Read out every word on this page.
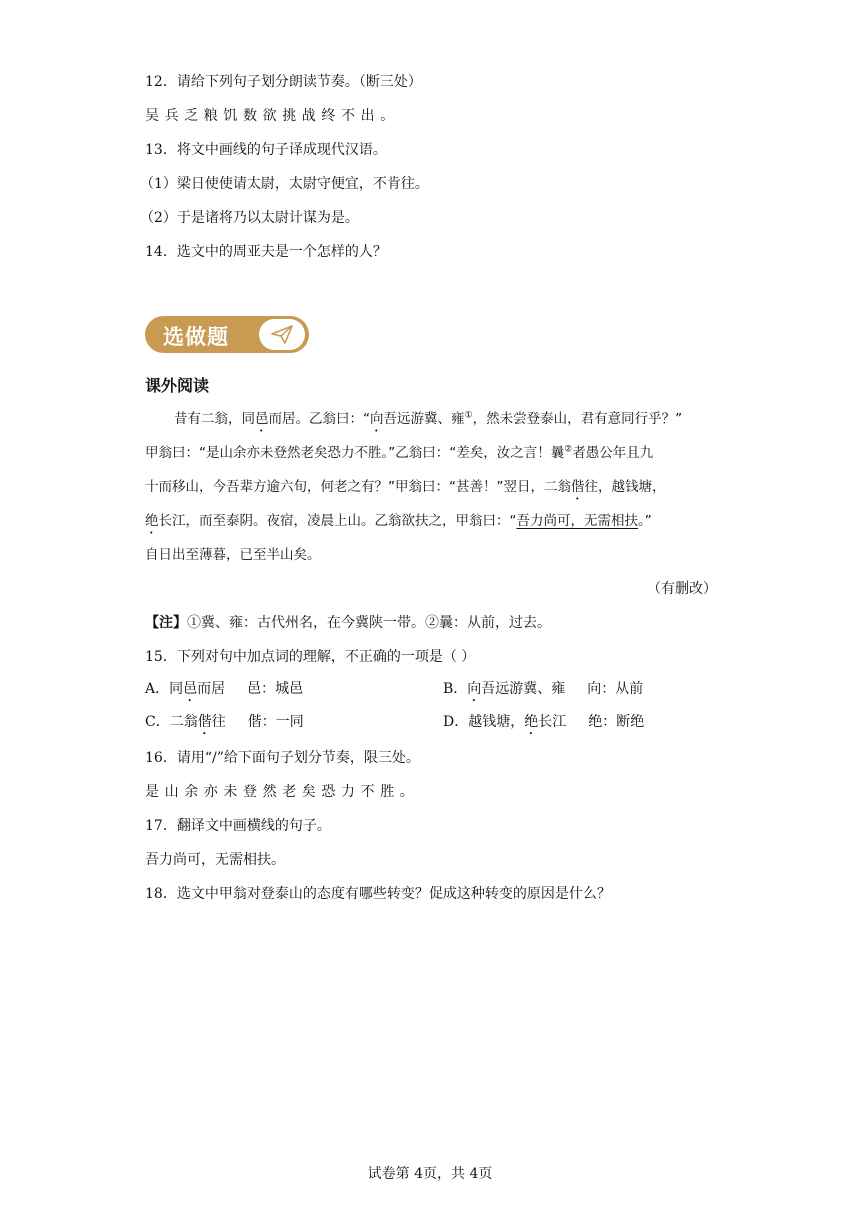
12．请给下列句子划分朗读节奏。（断三处）
吴兵乏粮饥数欲挑战终不出。
13．将文中画线的句子译成现代汉语。
（1）梁日使使请太尉，太尉守便宜，不肯往。
（2）于是诸将乃以太尉计谋为是。
14．选文中的周亚夫是一个怎样的人？
选做题
课外阅读
昔有二翁，同邑而居。乙翁曰：“向吾远游冀、雍①，然未尝登泰山，君有意同行乎？”
甲翁曰：“是山余亦未登然老矣恐力不胜。”乙翁曰：“差矣，汝之言！曩②者愚公年且九
十而移山，今吾辈方逾六旬，何老之有？”甲翁曰：“甚善！”翌日，二翁偕往，越钱塘，
绝长江，而至泰阴。夜宿，凌晨上山。乙翁欲扶之，甲翁曰：“吾力尚可，无需相扶。”
自日出至薄暮，已至半山矣。
（有删改）
【注】①冀、雍：古代州名，在今冀陕一带。②曩：从前，过去。
15．下列对句中加点词的理解，不正确的一项是（ ）
A．同邑而居 邑：城邑	B．向吾远游冀、雍 向：从前
C．二翁偕往 偕：一同	D．越钱塘，绝长江 绝：断绝
16．请用“/”给下面句子划分节奏，限三处。
是山余亦未登然老矣恐力不胜。
17．翻译文中画横线的句子。
吾力尚可，无需相扶。
18．选文中甲翁对登泰山的态度有哪些转变？促成这种转变的原因是什么？
试卷第 4页，共 4页
